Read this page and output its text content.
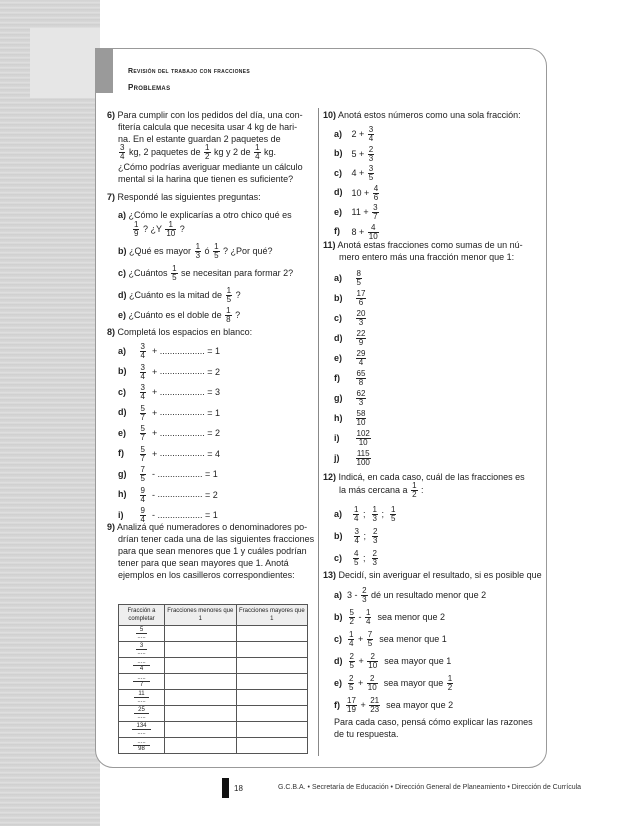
Revisión del trabajo con fracciones
Problemas
6) Para cumplir con los pedidos del día, una con-
fitería calcula que necesita usar 4 kg de hari-
na. En el estante guardan 2 paquetes de
$\frac{3}{4}$ kg, 2 paquetes de $\frac{1}{2}$ kg y 2 de $\frac{1}{4}$ kg.
¿Cómo podrías averiguar mediante un cálculo
mental si la harina que tienen es suficiente?
7) Respondé las siguientes preguntas:
a) ¿Cómo le explicarías a otro chico qué es
$\frac{1}{9}$ ? ¿$Y \frac{1}{10}$ ?
b) ¿Qué es mayor $\frac{1}{3}$ ó $\frac{1}{5}$ ? ¿Por qué?
c) ¿Cuántos $\frac{1}{5}$ se necesitan para formar 2?
d) ¿Cuánto es la mitad de $\frac{1}{5}$ ?
e) ¿Cuánto es el doble de $\frac{1}{8}$ ?
8) Completá los espacios en blanco:
$a) \frac{3}{4}$ + .................. = 1
$b) \frac{3}{4}$ + .................. = 2
$c) \frac{3}{4}$ + .................. = 3
$d) \frac{5}{7}$ + .................. = 1
$e) \frac{5}{7}$ + .................. = 2
$f) \frac{5}{7}$ + .................. = 4
$g) \frac{7}{5}$ - .................. = 1
$h) \frac{9}{4}$ - .................. = 2
$i) \frac{9}{4}$ - .................. = 1
9) Analizá qué numeradores o denominadores po-
drían tener cada una de las siguientes fracciones
para que sean menores que 1 y cuáles podrían
tener para que sean mayores que 1. Anotá
ejemplos en los casilleros correspondientes:
Fracción a completar	Fracciones menores que 1	Fracciones mayores que 1

5
.....		

3
.....		

.....
4		

.....
7		

11
.....		

25
.....		

134
.....		

.....
98		

10) Anotá estos números como una sola fracción:
a) $2 + \frac{3}{4}$
b) $5 + \frac{2}{3}$
c) $4 + \frac{3}{5}$
d) $10 + \frac{4}{6}$
e) $11 + \frac{3}{7}$
f) $8 + \frac{4}{10}$
11) Anotá estas fracciones como sumas de un nú-
mero entero más una fracción menor que 1:
$a) \frac{8}{5}$
$b) \frac{17}{6}$
$c) \frac{20}{3}$
$d) \frac{22}{9}$
$e) \frac{29}{4}$
$f) \frac{65}{8}$
$g) \frac{62}{3}$
$h) \frac{58}{10}$
$i) \frac{102}{10}$
$j) \frac{115}{100}$
12) Indicá, en cada caso, cuál de las fracciones es
la más cercana a $\frac{1}{2}$ :
$a) \frac{1}{4}$ ; $\frac{1}{3}$ ; $\frac{1}{5}$
$b) \frac{3}{4}$ ; $\frac{2}{3}$
$c) \frac{4}{5}$ ; $\frac{2}{3}$
13) Decidí, sin averiguar el resultado, si es posible que
a) $3 - \frac{2}{3}$ dé un resultado menor que 2
$b) \frac{5}{2} - \frac{1}{4}$ sea menor que 2
$c) \frac{1}{4} + \frac{7}{5}$ sea menor que 1
$d) \frac{2}{5} + \frac{2}{10}$ sea mayor que 1
$e) \frac{2}{5} + \frac{2}{10}$ sea mayor que $\frac{1}{2}$
$f) \frac{17}{19} + \frac{21}{23}$ sea mayor que 2
Para cada caso, pensá cómo explicar las razones
de tu respuesta.
18	G.C.B.A. • Secretaría de Educación • Dirección General de Planeamiento • Dirección de Currícula
